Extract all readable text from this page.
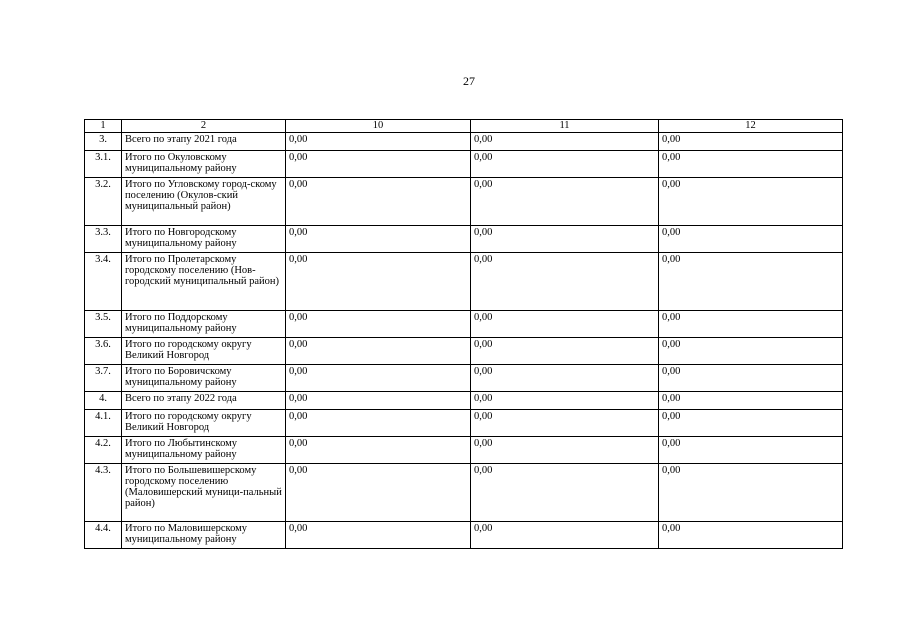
27
1	2	10	11	12
3.	Всего по этапу 2021 года	0,00	0,00	0,00
3.1.	Итого по Окуловскому муниципальному району	0,00	0,00	0,00
3.2.	Итого по Угловскому город-скому поселению (Окулов-ский муниципальный район)	0,00	0,00	0,00
3.3.	Итого по Новгородскому муниципальному району	0,00	0,00	0,00
3.4.	Итого по Пролетарскому городскому поселению (Нов-городский муниципальный район)	0,00	0,00	0,00
3.5.	Итого по Поддорскому муниципальному району	0,00	0,00	0,00
3.6.	Итого по городскому округу Великий Новгород	0,00	0,00	0,00
3.7.	Итого по Боровичскому муниципальному району	0,00	0,00	0,00
4.	Всего по этапу 2022 года	0,00	0,00	0,00
4.1.	Итого по городскому округу Великий Новгород	0,00	0,00	0,00
4.2.	Итого по Любытинскому муниципальному району	0,00	0,00	0,00
4.3.	Итого по Большевишерскому городскому поселению (Маловишерский муници-пальный район)	0,00	0,00	0,00
4.4.	Итого по Маловишерскому муниципальному району	0,00	0,00	0,00
